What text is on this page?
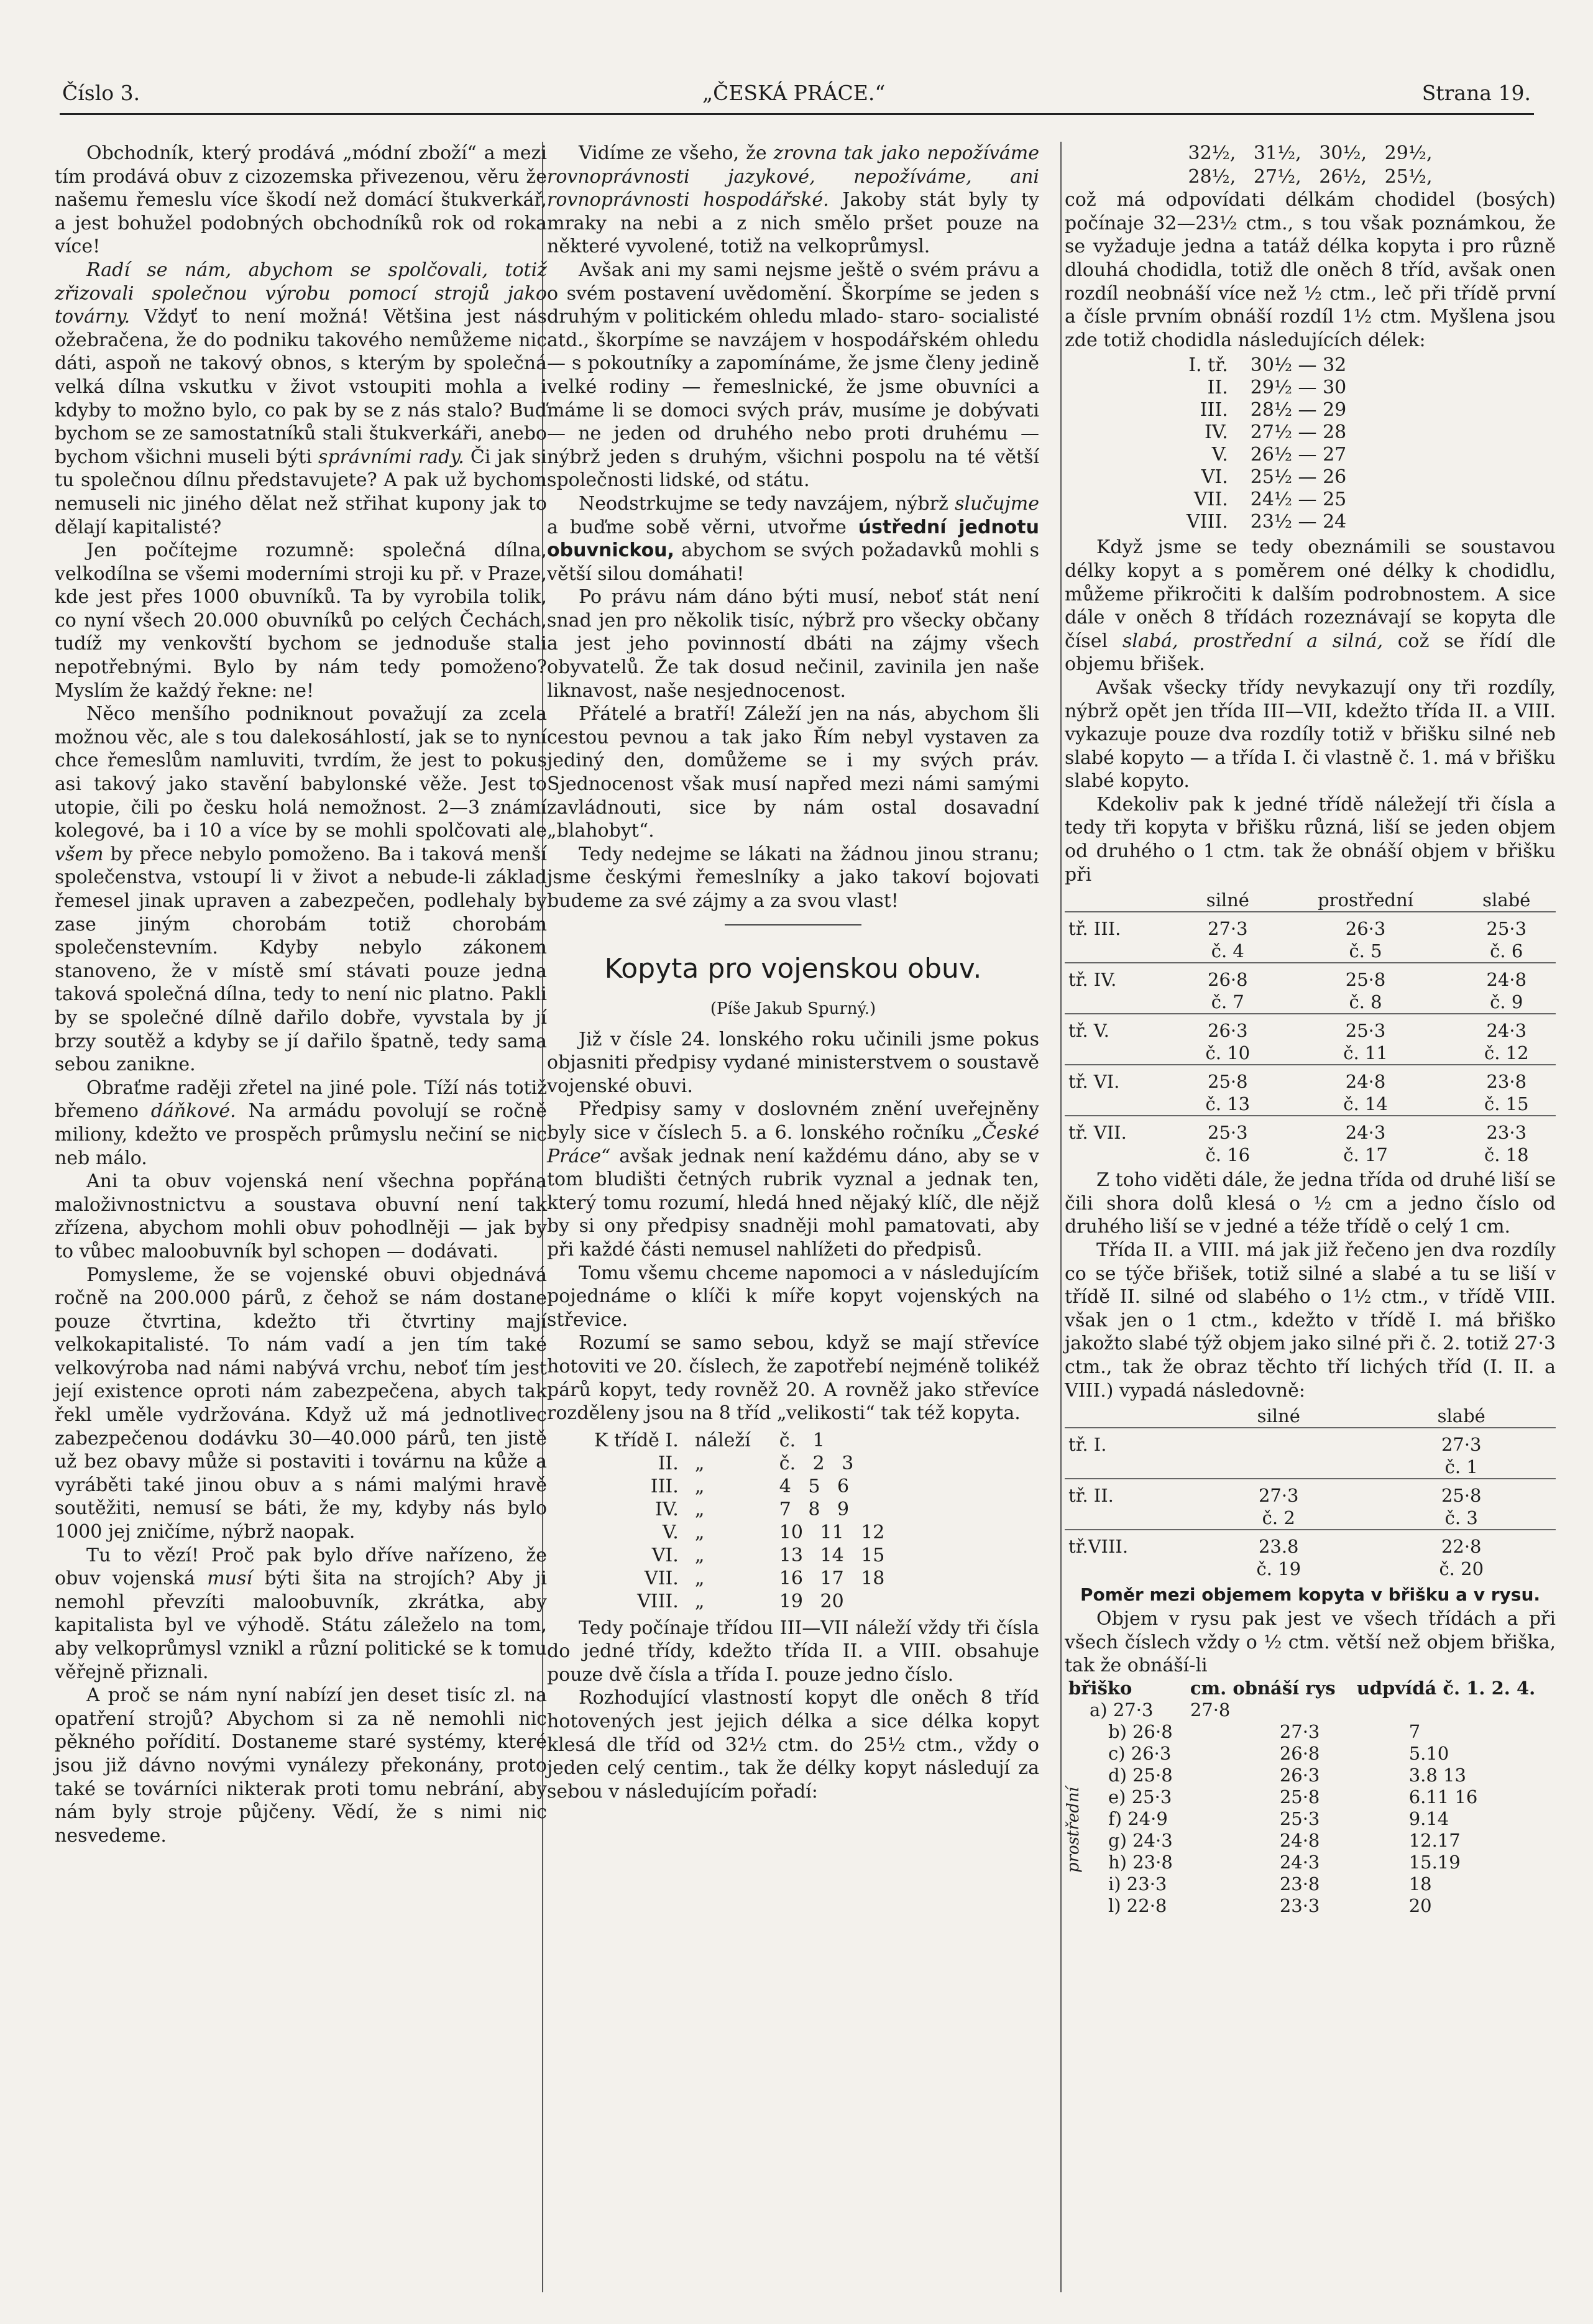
Číslo 3.	„ČESKÁ PRÁCE.“	Strana 19.

Obchodník, který prodává „módní zboží“ a mezi tím prodává obuv z cizozemska přivezenou, věru že našemu řemeslu více škodí než domácí štukverkář, a jest bohužel podobných obchodníků rok od roka více!

Radí se nám, abychom se spolčovali, totiž zřizovali společnou výrobu pomocí strojů jako továrny. Vždyť to není možná! Většina jest nás ožebračena, že do podniku takového nemůžeme nic dáti, aspoň ne takový obnos, s kterým by společná velká dílna vskutku v život vstoupiti mohla a i kdyby to možno bylo, co pak by se z nás stalo? Buď bychom se ze samostatníků stali štukverkáři, anebo bychom všichni museli býti správními rady. Či jak si tu společnou dílnu představujete? A pak už bychom nemuseli nic jiného dělat než střihat kupony jak to dělají kapitalisté?

Jen počítejme rozumně: společná dílna, velkodílna se všemi moderními stroji ku př. v Praze, kde jest přes 1000 obuvníků. Ta by vyrobila tolik, co nyní všech 20.000 obuvníků po celých Čechách, tudíž my venkovští bychom se jednoduše stali nepotřebnými. Bylo by nám tedy pomoženo? Myslím že každý řekne: ne!

Něco menšího podniknout považují za zcela možnou věc, ale s tou dalekosáhlostí, jak se to nyní chce řemeslům namluviti, tvrdím, že jest to pokus asi takový jako stavění babylonské věže. Jest to utopie, čili po česku holá nemožnost. 2—3 známí kolegové, ba i 10 a více by se mohli spolčovati ale všem by přece nebylo pomoženo. Ba i taková menší společenstva, vstoupí li v život a nebude-li základ řemesel jinak upraven a zabezpečen, podlehaly by zase jiným chorobám totiž chorobám společenstevním. Kdyby nebylo zákonem stanoveno, že v místě smí stávati pouze jedna taková společná dílna, tedy to není nic platno. Pakli by se společné dílně dařilo dobře, vyvstala by jí brzy soutěž a kdyby se jí dařilo špatně, tedy sama sebou zanikne.

Obraťme raději zřetel na jiné pole. Tíží nás totiž břemeno dáňkové. Na armádu povolují se ročně miliony, kdežto ve prospěch průmyslu nečiní se nic neb málo.

Ani ta obuv vojenská není všechna popřána maloživnostnictvu a soustava obuvní není tak zřízena, abychom mohli obuv pohodlněji — jak by to vůbec maloobuvník byl schopen — dodávati.

Pomysleme, že se vojenské obuvi objednává ročně na 200.000 párů, z čehož se nám dostane pouze čtvrtina, kdežto tři čtvrtiny mají velkokapitalisté. To nám vadí a jen tím také velkovýroba nad námi nabývá vrchu, neboť tím jest její existence oproti nám zabezpečena, abych tak řekl uměle vydržována. Když už má jednotlivec zabezpečenou dodávku 30—40.000 párů, ten jistě už bez obavy může si postaviti i továrnu na kůže a vyráběti také jinou obuv a s námi malými hravě soutěžiti, nemusí se báti, že my, kdyby nás bylo 1000 jej zničíme, nýbrž naopak.

Tu to vězí! Proč pak bylo dříve nařízeno, že obuv vojenská musí býti šita na strojích? Aby ji nemohl převzíti maloobuvník, zkrátka, aby kapitalista byl ve výhodě. Státu záleželo na tom, aby velkoprůmysl vznikl a různí politické se k tomu věřejně přiznali.

A proč se nám nyní nabízí jen deset tisíc zl. na opatření strojů? Abychom si za ně nemohli nic pěkného pořídití. Dostaneme staré systémy, které jsou již dávno novými vynálezy překonány, proto také se továrníci nikterak proti tomu nebrání, aby nám byly stroje půjčeny. Vědí, že s nimi nic nesvedeme.

Vidíme ze všeho, že zrovna tak jako nepožíváme rovnoprávnosti jazykové, nepožíváme, ani rovnoprávnosti hospodářské. Jakoby stát byly ty mraky na nebi a z nich smělo pršet pouze na některé vyvolené, totiž na velkoprůmysl.

Avšak ani my sami nejsme ještě o svém právu a o svém postavení uvědomění. Škorpíme se jeden s druhým v politickém ohledu mlado- staro- socialisté atd., škorpíme se navzájem v hospodářském ohledu — s pokoutníky a zapomínáme, že jsme členy jedině velké rodiny — řemeslnické, že jsme obuvníci a máme li se domoci svých práv, musíme je dobývati — ne jeden od druhého nebo proti druhému — nýbrž jeden s druhým, všichni pospolu na té větší společnosti lidské, od státu.

Neodstrkujme se tedy navzájem, nýbrž slučujme a buďme sobě věrni, utvořme ústřední jednotu obuvnickou, abychom se svých požadavků mohli s větší silou domáhati!

Po právu nám dáno býti musí, neboť stát není snad jen pro několik tisíc, nýbrž pro všecky občany a jest jeho povinností dbáti na zájmy všech obyvatelů. Že tak dosud nečinil, zavinila jen naše liknavost, naše nesjednocenost.

Přátelé a bratří! Záleží jen na nás, abychom šli cestou pevnou a tak jako Řím nebyl vystaven za jediný den, domůžeme se i my svých práv. Sjednocenost však musí napřed mezi námi samými zavládnouti, sice by nám ostal dosavadní „blahobyt“.

Tedy nedejme se lákati na žádnou jinou stranu; jsme českými řemeslníky a jako takoví bojovati budeme za své zájmy a za svou vlast!

Kopyta pro vojenskou obuv.
(Píše Jakub Spurný.)

Již v čísle 24. lonského roku učinili jsme pokus objasniti předpisy vydané ministerstvem o soustavě vojenské obuvi.

Předpisy samy v doslovném znění uveřejněny byly sice v číslech 5. a 6. lonského ročníku „České Práce“ avšak jednak není každému dáno, aby se v tom bludišti četných rubrik vyznal a jednak ten, který tomu rozumí, hledá hned nějaký klíč, dle nějž by si ony předpisy snadněji mohl pamatovati, aby při každé části nemusel nahlížeti do předpisů.

Tomu všemu chceme napomoci a v následujícím pojednáme o klíči k míře kopyt vojenských na střevice.

Rozumí se samo sebou, když se mají střevíce hotoviti ve 20. číslech, že zapotřebí nejméně tolikéž párů kopyt, tedy rovněž 20. A rovněž jako střevíce rozděleny jsou na 8 tříd „velikosti“ tak též kopyta.

K třídě I.	náleží	č. 1
II.	„	č. 2 3
III.	„	4 5 6
IV.	„	7 8 9
V.	„	10 11 12
VI.	„	13 14 15
VII.	„	16 17 18
VIII.	„	19 20

Tedy počínaje třídou III—VII náleží vždy tři čísla do jedné třídy, kdežto třída II. a VIII. obsahuje pouze dvě čísla a třída I. pouze jedno číslo.

Rozhodující vlastností kopyt dle oněch 8 tříd hotovených jest jejich délka a sice délka kopyt klesá dle tříd od 32½ ctm. do 25½ ctm., vždy o jeden celý centim., tak že délky kopyt následují za sebou v následujícím pořadí:

32½,   31½,   30½,   29½,

28½,   27½,   26½,   25½,

což má odpovídati délkám chodidel (bosých) počínaje 32—23½ ctm., s tou však poznámkou, že se vyžaduje jedna a tatáž délka kopyta i pro různě dlouhá chodidla, totiž dle oněch 8 tříd, avšak onen rozdíl neobnáší více než ½ ctm., leč při třídě první a čísle prvním obnáší rozdíl 1½ ctm. Myšlena jsou zde totiž chodidla následujících délek:

I. tř.	30½ — 32
II.	29½ — 30
III.	28½ — 29
IV.	27½ — 28
V.	26½ — 27
VI.	25½ — 26
VII.	24½ — 25
VIII.	23½ — 24

Když jsme se tedy obeznámili se soustavou délky kopyt a s poměrem oné délky k chodidlu, můžeme přikročiti k dalším podrobnostem. A sice dále v oněch 8 třídách rozeznávají se kopyta dle čísel slabá, prostřední a silná, což se řídí dle objemu břišek.

Avšak všecky třídy nevykazují ony tři rozdíly, nýbrž opět jen třída III—VII, kdežto třída II. a VIII. vykazuje pouze dva rozdíly totiž v břišku silné neb slabé kopyto — a třída I. či vlastně č. 1. má v břišku slabé kopyto.

Kdekoliv pak k jedné třídě náležejí tři čísla a tedy tři kopyta v břišku různá, liší se jeden objem od druhého o 1 ctm. tak že obnáší objem v břišku při

	silné	prostřední	slabé
tř. III.	27·3	26·3	25·3
	č. 4	č. 5	č. 6
tř. IV.	26·8	25·8	24·8
	č. 7	č. 8	č. 9
tř. V.	26·3	25·3	24·3
	č. 10	č. 11	č. 12
tř. VI.	25·8	24·8	23·8
	č. 13	č. 14	č. 15
tř. VII.	25·3	24·3	23·3
	č. 16	č. 17	č. 18

Z toho viděti dále, že jedna třída od druhé liší se čili shora dolů klesá o ½ cm a jedno číslo od druhého liší se v jedné a téže třídě o celý 1 cm.

Třída II. a VIII. má jak již řečeno jen dva rozdíly co se týče břišek, totiž silné a slabé a tu se liší v třídě II. silné od slabého o 1½ ctm., v třídě VIII. však jen o 1 ctm., kdežto v třídě I. má břiško jakožto slabé týž objem jako silné při č. 2. totiž 27·3 ctm., tak že obraz těchto tří lichých tříd (I. II. a VIII.) vypadá následovně:

	silné	slabé
tř. I.		27·3
		č. 1
tř. II.	27·3	25·8
	č. 2	č. 3
tř.VIII.	23.8	22·8
	č. 19	č. 20
Poměr mezi objemem kopyta v břišku a v rysu.

Objem v rysu pak jest ve všech třídách a při všech číslech vždy o ½ ctm. větší než objem břiška, tak že obnáší-li

prostřední
břiško	cm. obnáší rys	udpvídá č. 1. 2. 4.
a) 27·3	27·8	
b) 26·8	27·3	7
c) 26·3	26·8	5.10
d) 25·8	26·3	3.8 13
e) 25·3	25·8	6.11 16
f) 24·9	25·3	9.14
g) 24·3	24·8	12.17
h) 23·8	24·3	15.19
i) 23·3	23·8	18
l) 22·8	23·3	20
